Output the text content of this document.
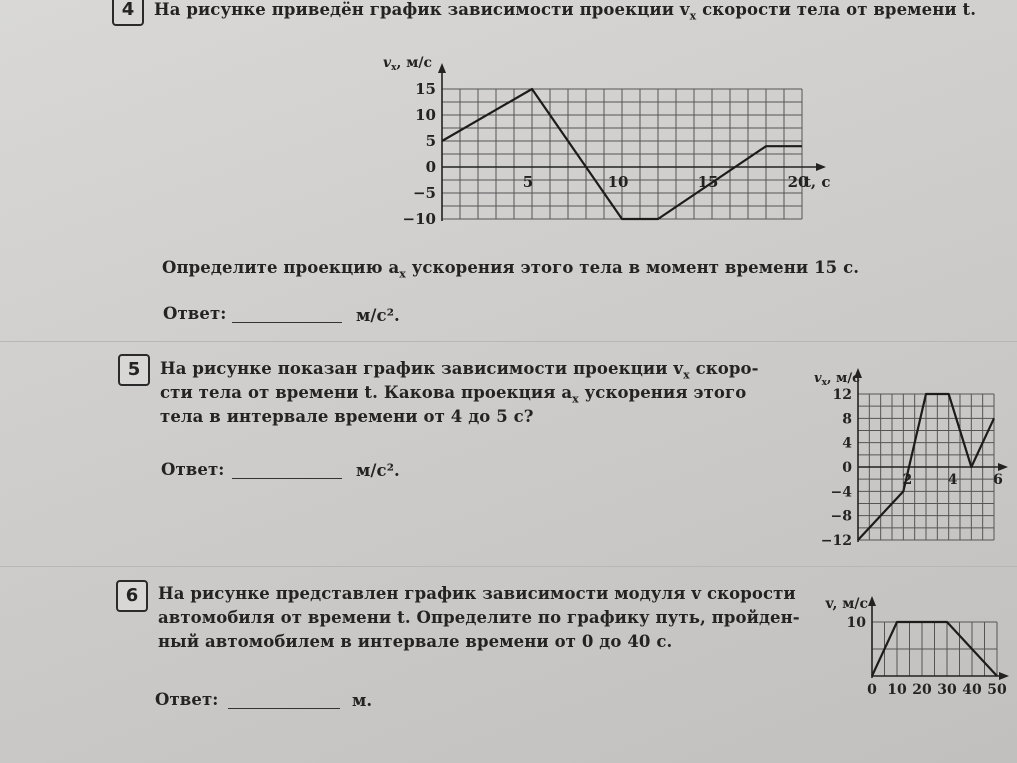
4	На рисунке приведён график зависимости проекции $v_x$ скорости тела от времени t.
15
10
5
0
−5
−10
5	10	15	20
$v_x$, м/с
t, с
Определите проекцию $a_x$ ускорения этого тела в момент времени 15 с.
Ответ:	м/с².
5	На рисунке показан график зависимости проекции $v_x$ скоро-
сти тела от времени t. Какова проекция $a_x$ ускорения этого
тела в интервале времени от 4 до 5 с?
Ответ:	м/с².
12
8
4
0
−4
−8
−12
2	4	6
$v_x$, м/с
6	На рисунке представлен график зависимости модуля v скорости
автомобиля от времени t. Определите по графику путь, пройден-
ный автомобилем в интервале времени от 0 до 40 с.
Ответ:	м.
10
0 10 20 30 40 50
v, м/с
